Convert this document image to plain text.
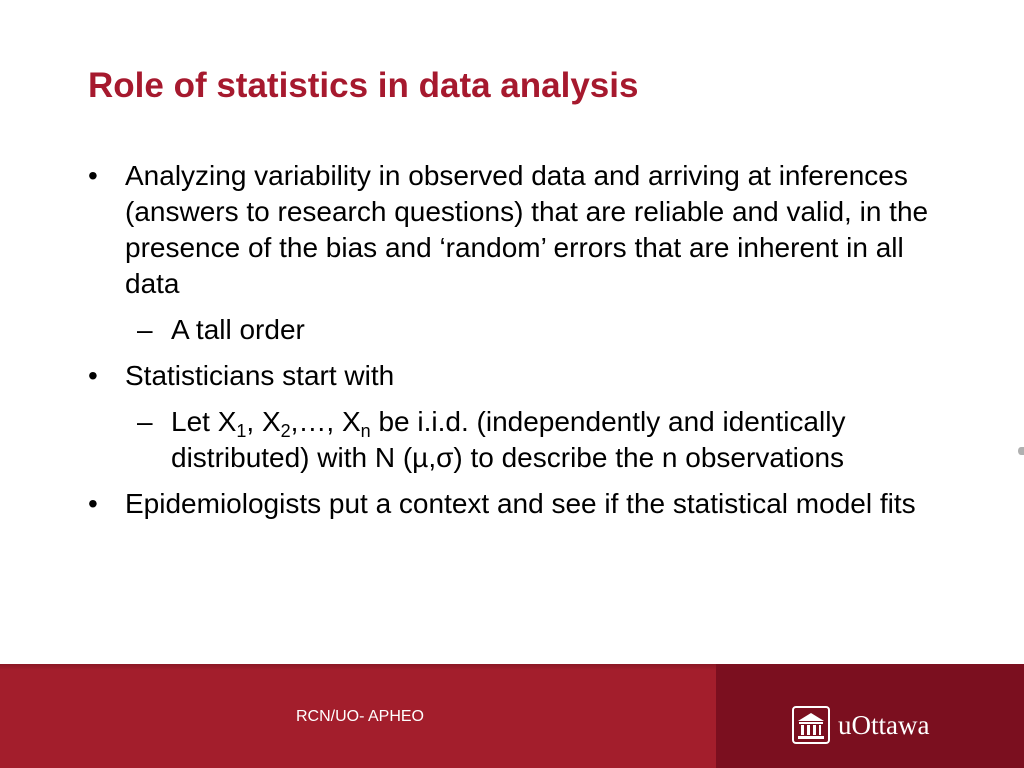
Role of statistics in data analysis
• Analyzing variability in observed data and arriving at inferences (answers to research questions) that are reliable and valid, in the presence of the bias and ‘random’ errors that are inherent in all data
– A tall order
• Statisticians start with
– Let $X_1$, $X_2,\dots$, $X_n$ be i.i.d. (independently and identically distributed) with N (µ,σ) to describe the n observations
• Epidemiologists put a context and see if the statistical model fits
RCN/UO- APHEO	uOttawa
